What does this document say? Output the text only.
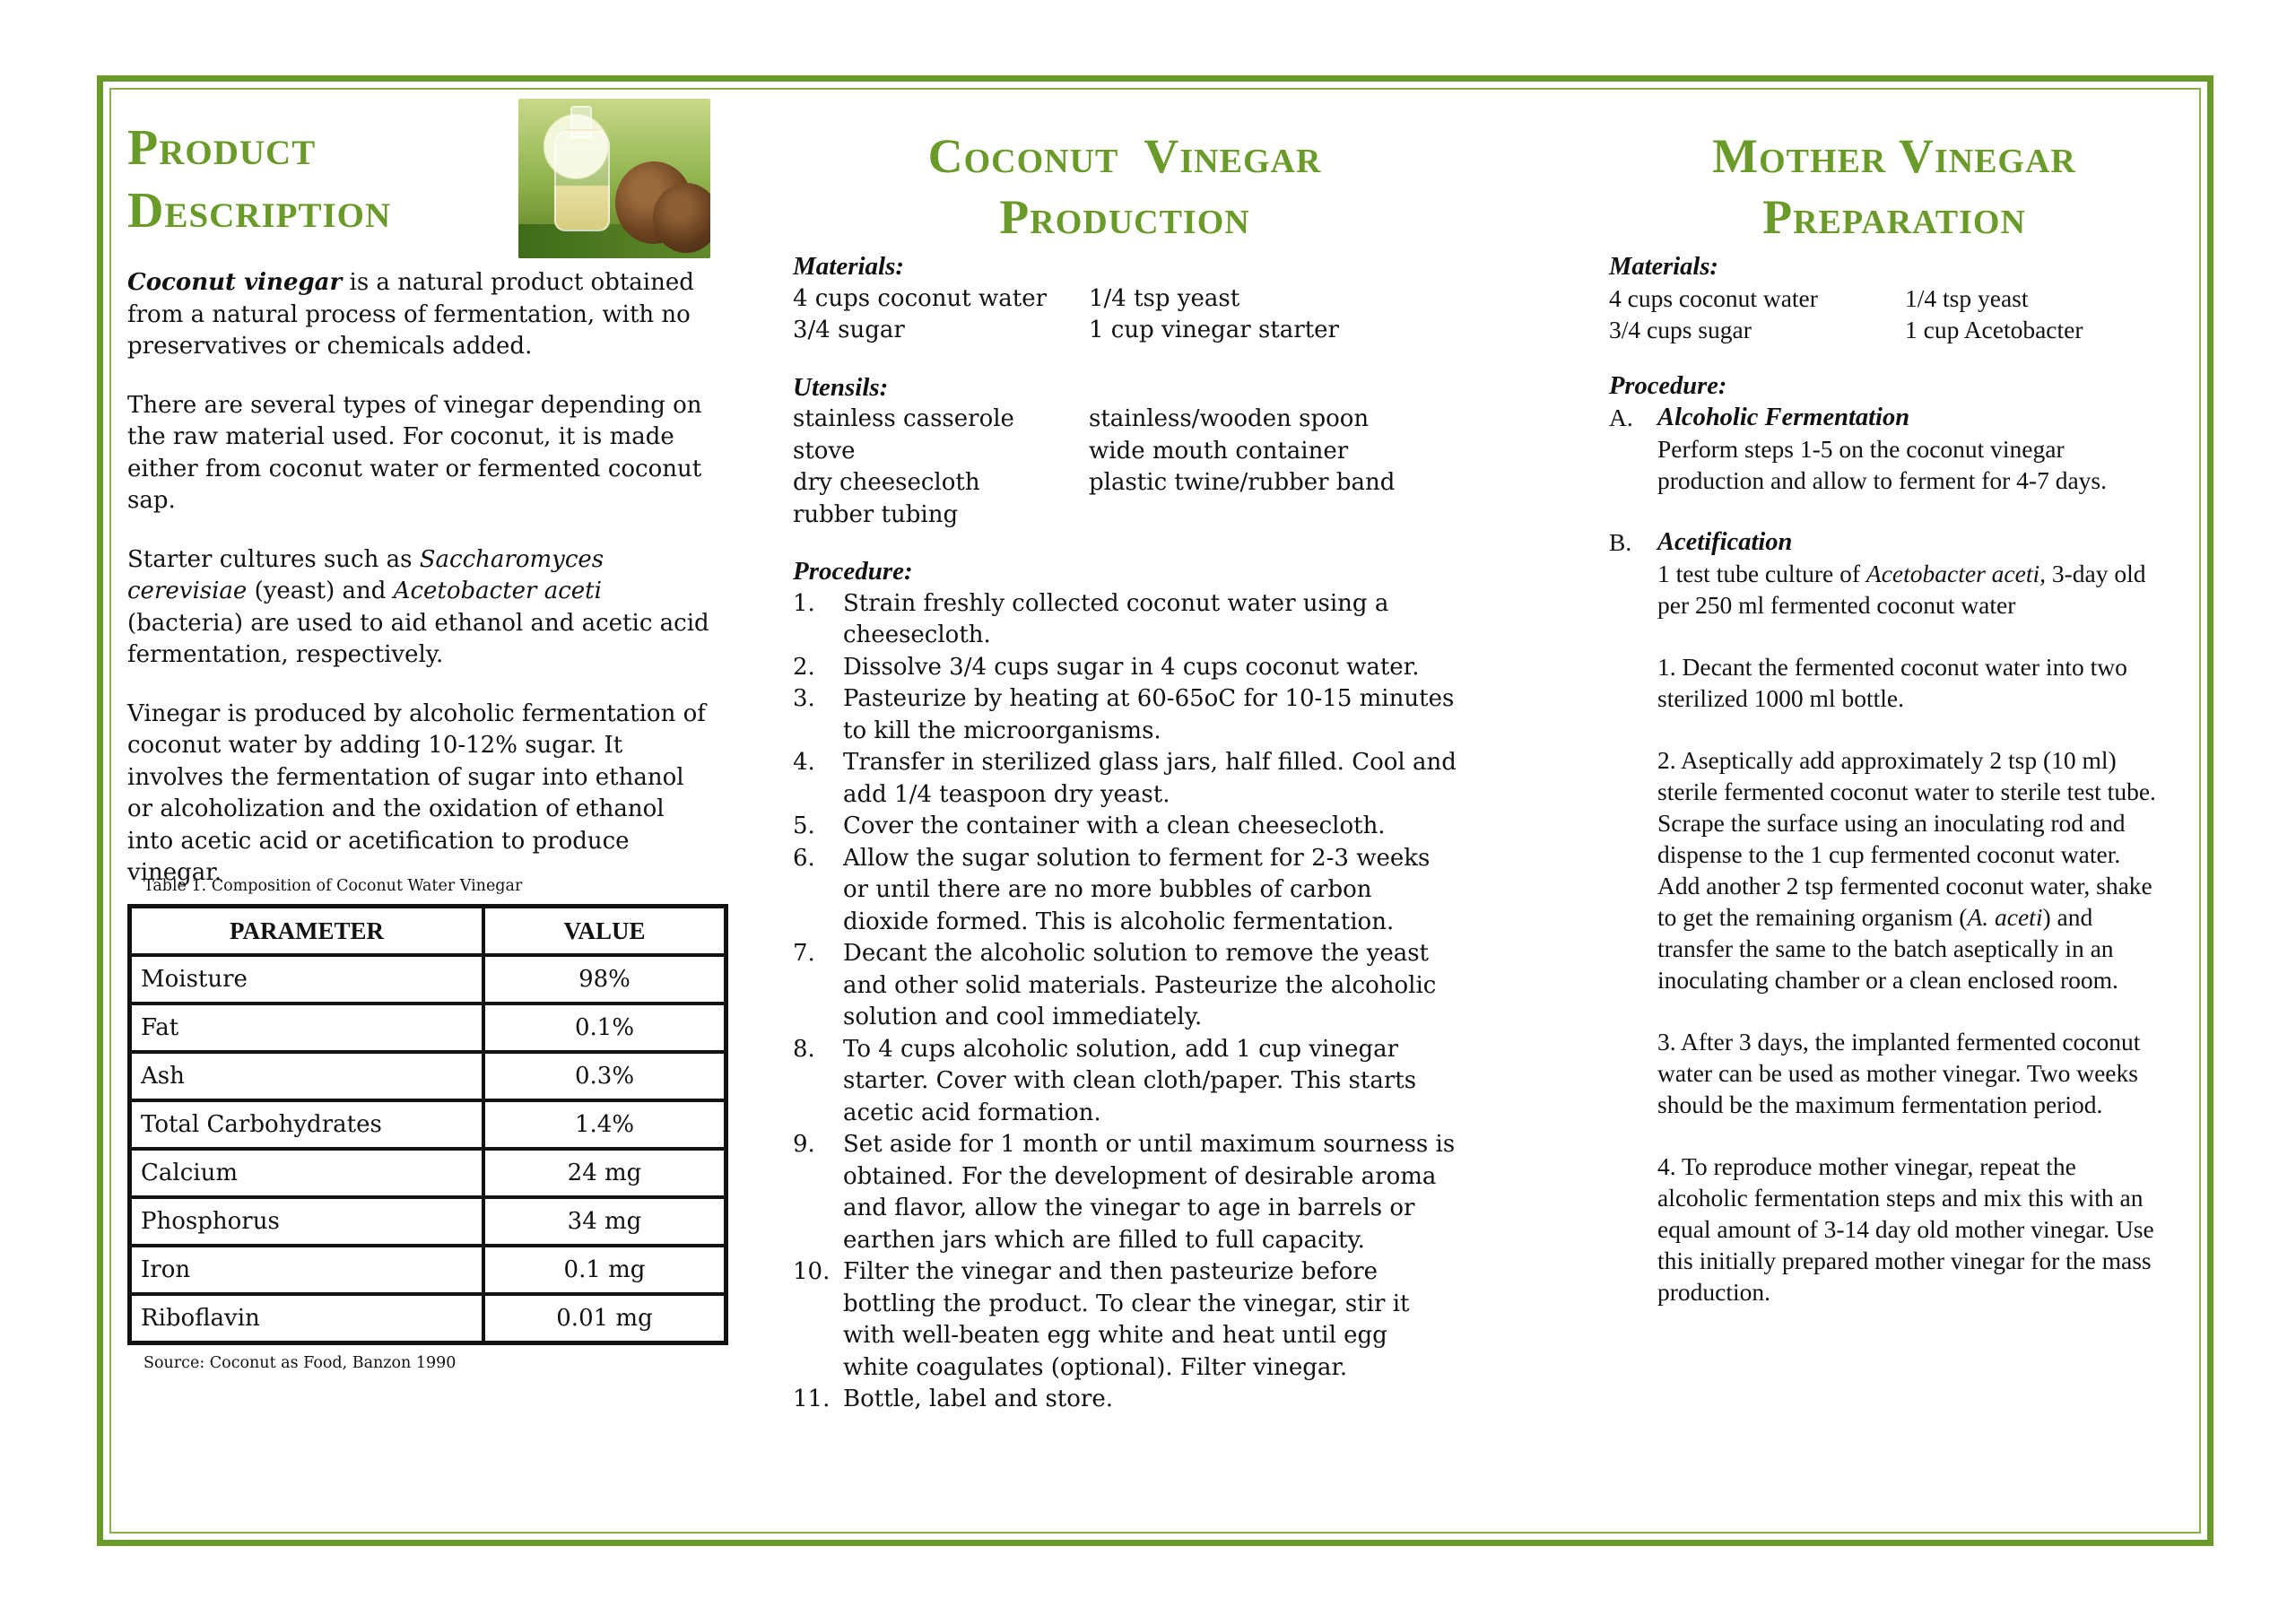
Product
Description

Coconut vinegar is a natural product obtained from a natural process of fermentation, with no preservatives or chemicals added.

There are several types of vinegar depending on the raw material used. For coconut, it is made either from coconut water or fermented coconut sap.

Starter cultures such as Saccharomyces cerevisiae (yeast) and Acetobacter aceti (bacteria) are used to aid ethanol and acetic acid fermentation, respectively.

Vinegar is produced by alcoholic fermentation of coconut water by adding 10-12% sugar. It involves the fermentation of sugar into ethanol or alcoholization and the oxidation of ethanol into acetic acid or acetification to produce vinegar.

Table 1. Composition of Coconut Water Vinegar
PARAMETER	VALUE
Moisture	98%
Fat	0.1%
Ash	0.3%
Total Carbohydrates	1.4%
Calcium	24 mg
Phosphorus	34 mg
Iron	0.1 mg
Riboflavin	0.01 mg
Source: Coconut as Food, Banzon 1990
Coconut  Vinegar
Production
Materials:
4 cups coconut water	1/4 tsp yeast
3/4 sugar	1 cup vinegar starter
Utensils:
stainless casserole	stainless/wooden spoon
stove	wide mouth container
dry cheesecloth	plastic twine/rubber band
rubber tubing
Procedure:
1. Strain freshly collected coconut water using a cheesecloth.
2. Dissolve 3/4 cups sugar in 4 cups coconut water.
3. Pasteurize by heating at 60-65oC for 10-15 minutes to kill the microorganisms.
4. Transfer in sterilized glass jars, half filled. Cool and add 1/4 teaspoon dry yeast.
5. Cover the container with a clean cheesecloth.
6. Allow the sugar solution to ferment for 2-3 weeks or until there are no more bubbles of carbon dioxide formed. This is alcoholic fermentation.
7. Decant the alcoholic solution to remove the yeast and other solid materials. Pasteurize the alcoholic solution and cool immediately.
8. To 4 cups alcoholic solution, add 1 cup vinegar starter. Cover with clean cloth/paper. This starts acetic acid formation.
9. Set aside for 1 month or until maximum sourness is obtained. For the development of desirable aroma and flavor, allow the vinegar to age in barrels or earthen jars which are filled to full capacity.
10. Filter the vinegar and then pasteurize before bottling the product. To clear the vinegar, stir it with well-beaten egg white and heat until egg white coagulates (optional). Filter vinegar.
11. Bottle, label and store.
Mother Vinegar
Preparation
Materials:
4 cups coconut water	1/4 tsp yeast
3/4 cups sugar	1 cup Acetobacter
Procedure:
A. Alcoholic Fermentation
Perform steps 1-5 on the coconut vinegar production and allow to ferment for 4-7 days.
B. Acetification
1 test tube culture of Acetobacter aceti, 3-day old per 250 ml fermented coconut water
1. Decant the fermented coconut water into two sterilized 1000 ml bottle.
2. Aseptically add approximately 2 tsp (10 ml) sterile fermented coconut water to sterile test tube. Scrape the surface using an inoculating rod and dispense to the 1 cup fermented coconut water. Add another 2 tsp fermented coconut water, shake to get the remaining organism (A. aceti) and transfer the same to the batch aseptically in an inoculating chamber or a clean enclosed room.
3. After 3 days, the implanted fermented coconut water can be used as mother vinegar. Two weeks should be the maximum fermentation period.
4. To reproduce mother vinegar, repeat the alcoholic fermentation steps and mix this with an equal amount of 3-14 day old mother vinegar. Use this initially prepared mother vinegar for the mass production.
